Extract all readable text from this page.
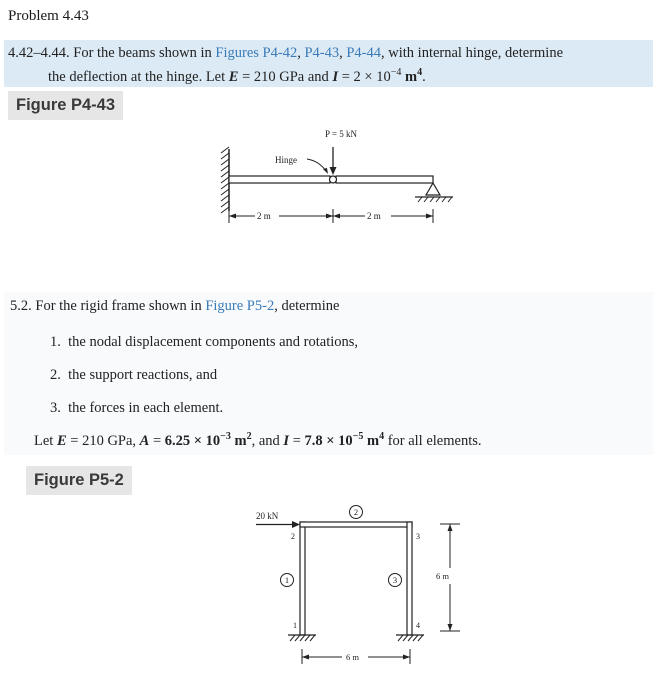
Problem 4.43
4.42–4.44. For the beams shown in Figures P4-42, P4-43, P4-44, with internal hinge, determine
the deflection at the hinge. Let E = 210 GPa and $I = 2 \times 10^{-4}$ $m^4$.
Figure P4-43
P = 5 kN
Hinge
2 m	2 m
5.2. For the rigid frame shown in Figure P5-2, determine
1. the nodal displacement components and rotations,
2. the support reactions, and
3. the forces in each element.
Let E = 210 GPa, $A = 6.25 \times 10^{-3}$ $m^2$, and $I = 7.8 \times 10^{-5}$ $m^4$ for all elements.
Figure P5-2
20 kN
2	3
1	4
2
1	3	6 m
6 m
